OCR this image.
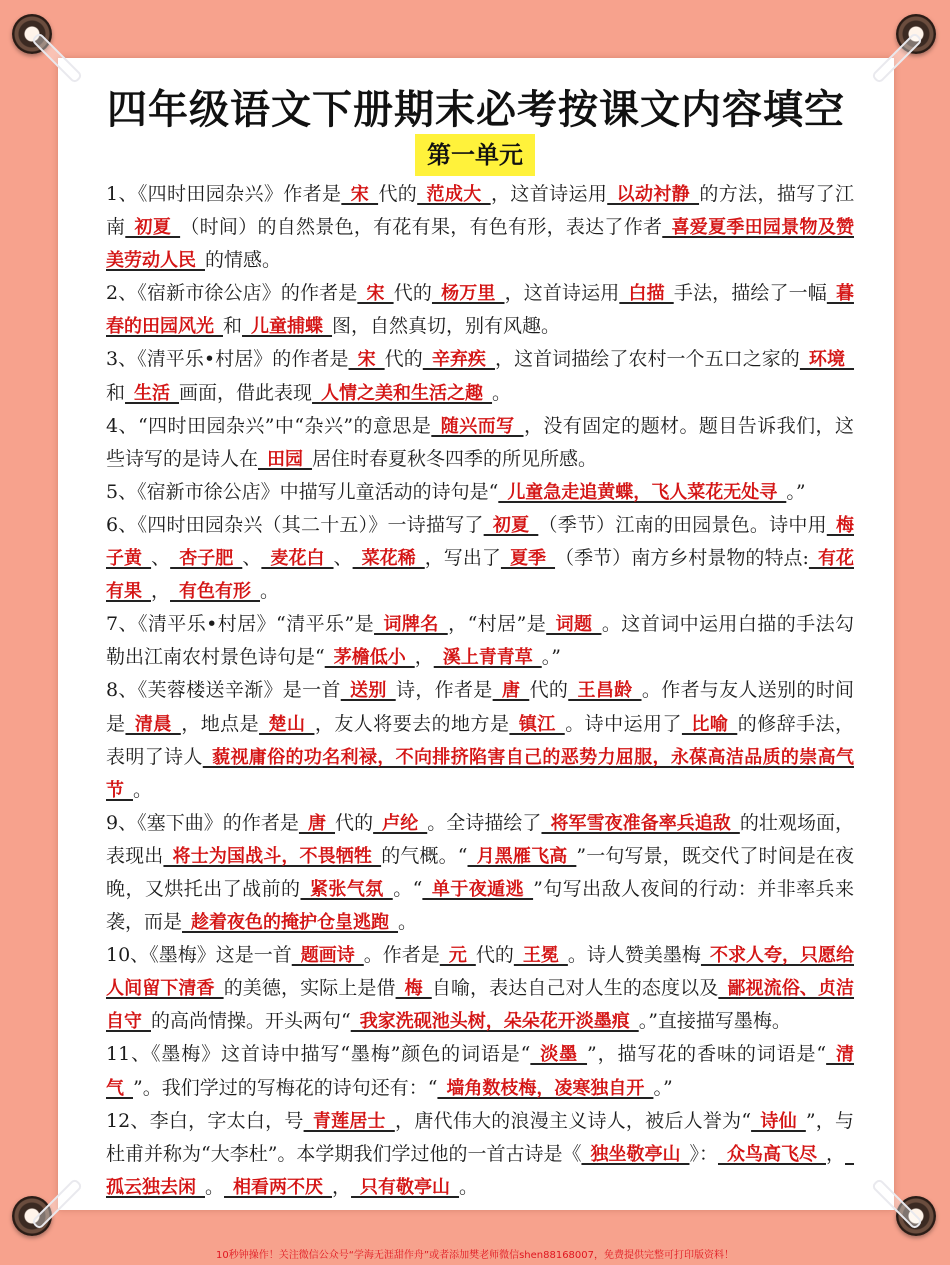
四年级语文下册期末必考按课文内容填空
第一单元

1、《四时田园杂兴》作者是 宋 代的 范成大 ，这首诗运用 以动衬静 的方法，描写了江南 初夏 （时间）的自然景色，有花有果，有色有形，表达了作者 喜爱夏季田园景物及赞美劳动人民 的情感。

2、《宿新市徐公店》的作者是 宋 代的 杨万里 ，这首诗运用 白描 手法，描绘了一幅 暮春的田园风光 和 儿童捕蝶 图，自然真切，别有风趣。

3、《清平乐•村居》的作者是 宋 代的 辛弃疾 ，这首词描绘了农村一个五口之家的 环境 和 生活 画面，借此表现 人情之美和生活之趣 。

4、“四时田园杂兴”中“杂兴”的意思是 随兴而写 ，没有固定的题材。题目告诉我们，这些诗写的是诗人在 田园 居住时春夏秋冬四季的所见所感。

5、《宿新市徐公店》中描写儿童活动的诗句是“ 儿童急走追黄蝶，飞人菜花无处寻 。”

6、《四时田园杂兴（其二十五）》一诗描写了 初夏 （季节）江南的田园景色。诗中用 梅子黄 、 杏子肥 、 麦花白 、 菜花稀 ，写出了 夏季 （季节）南方乡村景物的特点: 有花有果 ， 有色有形 。

7、《清平乐•村居》“清平乐”是 词牌名 ，“村居”是 词题 。这首词中运用白描的手法勾勒出江南农村景色诗句是“ 茅檐低小 ， 溪上青青草 。”

8、《芙蓉楼送辛渐》是一首 送别 诗，作者是 唐 代的 王昌龄 。作者与友人送别的时间是 清晨 ，地点是 楚山 ，友人将要去的地方是 镇江 。诗中运用了 比喻 的修辞手法，表明了诗人 藐视庸俗的功名利禄，不向排挤陷害自己的恶势力屈服，永葆高洁品质的崇高气节 。

9、《塞下曲》的作者是 唐 代的 卢纶 。全诗描绘了 将军雪夜准备率兵追敌 的壮观场面，表现出 将士为国战斗，不畏牺牲 的气概。“ 月黑雁飞高 ”一句写景，既交代了时间是在夜晚，又烘托出了战前的 紧张气氛 。“ 单于夜遁逃 ”句写出敌人夜间的行动：并非率兵来袭，而是 趁着夜色的掩护仓皇逃跑 。

10、《墨梅》这是一首 题画诗 。作者是 元 代的 王冕 。诗人赞美墨梅 不求人夸，只愿给人间留下清香 的美德，实际上是借 梅 自喻，表达自己对人生的态度以及 鄙视流俗、贞洁自守 的高尚情操。开头两句“ 我家洗砚池头树，朵朵花开淡墨痕 。”直接描写墨梅。

11、《墨梅》这首诗中描写“墨梅”颜色的词语是“ 淡墨 ”，描写花的香味的词语是“ 清气 ”。我们学过的写梅花的诗句还有：“ 墙角数枝梅，凌寒独自开 。”

12、李白，字太白，号 青莲居士 ，唐代伟大的浪漫主义诗人，被后人誉为“ 诗仙 ”，与杜甫并称为“大李杜”。本学期我们学过他的一首古诗是《 独坐敬亭山 》： 众鸟高飞尽 ， 孤云独去闲 。 相看两不厌 ， 只有敬亭山 。

10秒钟操作！关注微信公众号“学海无涯甜作舟”或者添加樊老师微信shen88168007，免费提供完整可打印版资料！
